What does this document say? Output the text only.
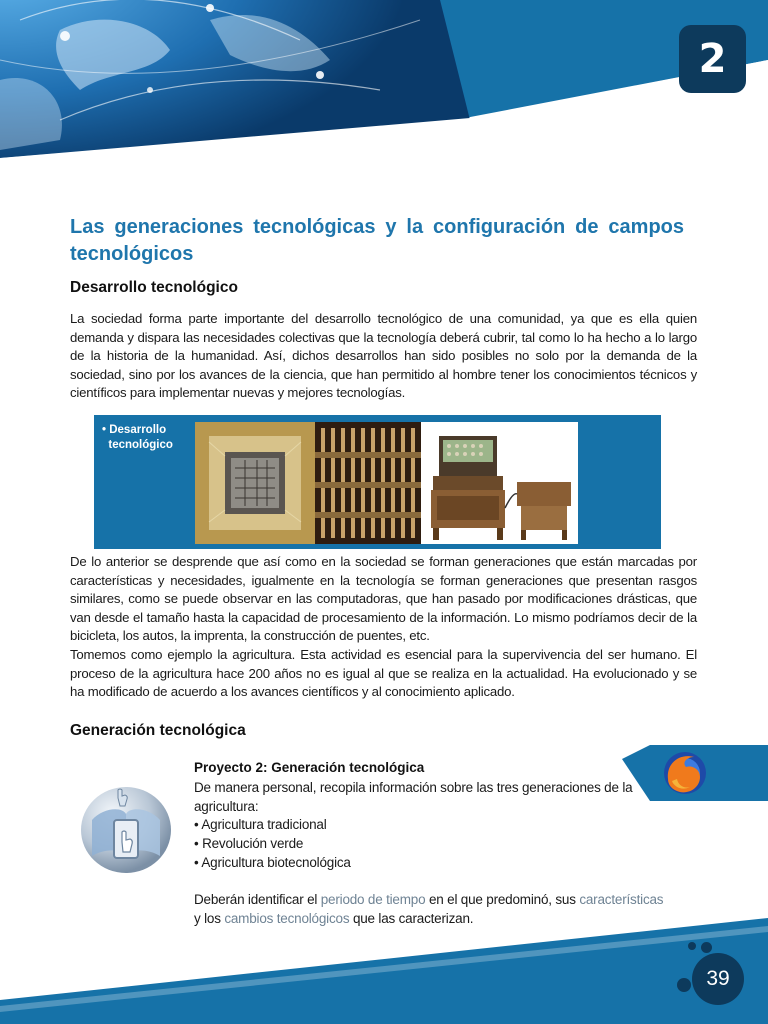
2
Las generaciones tecnológicas y la configuración de campos tecnológicos
Desarrollo tecnológico

La sociedad forma parte importante del desarrollo tecnológico de una comunidad, ya que es ella quien demanda y dispara las necesidades colectivas que la tecnología deberá cubrir, tal como lo ha hecho a lo largo de la historia de la humanidad. Así, dichos desarrollos han sido posibles no solo por la demanda de la sociedad, sino por los avances de la ciencia, que han permitido al hombre tener los conocimientos técnicos y científicos para implementar nuevas y mejores tecnologías.

• Desarrollo
tecnológico

De lo anterior se desprende que así como en la sociedad se forman generaciones que están marcadas por características y necesidades, igualmente en la tecnología se forman generaciones que presentan rasgos similares, como se puede observar en las computadoras, que han pasado por modificaciones drásticas, que van desde el tamaño hasta la capacidad de procesamiento de la información. Lo mismo podríamos decir de la bicicleta, los autos, la imprenta, la construcción de puentes, etc.

Tomemos como ejemplo la agricultura. Esta actividad es esencial para la supervivencia del ser humano. El proceso de la agricultura hace 200 años no es igual al que se realiza en la actualidad. Ha evolucionado y se ha modificado de acuerdo a los avances científicos y al conocimiento aplicado.

Generación tecnológica
Proyecto 2: Generación tecnológica

De manera personal, recopila información sobre las tres generaciones de la agricultura:

• Agricultura tradicional
• Revolución verde
• Agricultura biotecnológica

Deberán identificar el periodo de tiempo en el que predominó, sus características
y los cambios tecnológicos que las caracterizan.

39
